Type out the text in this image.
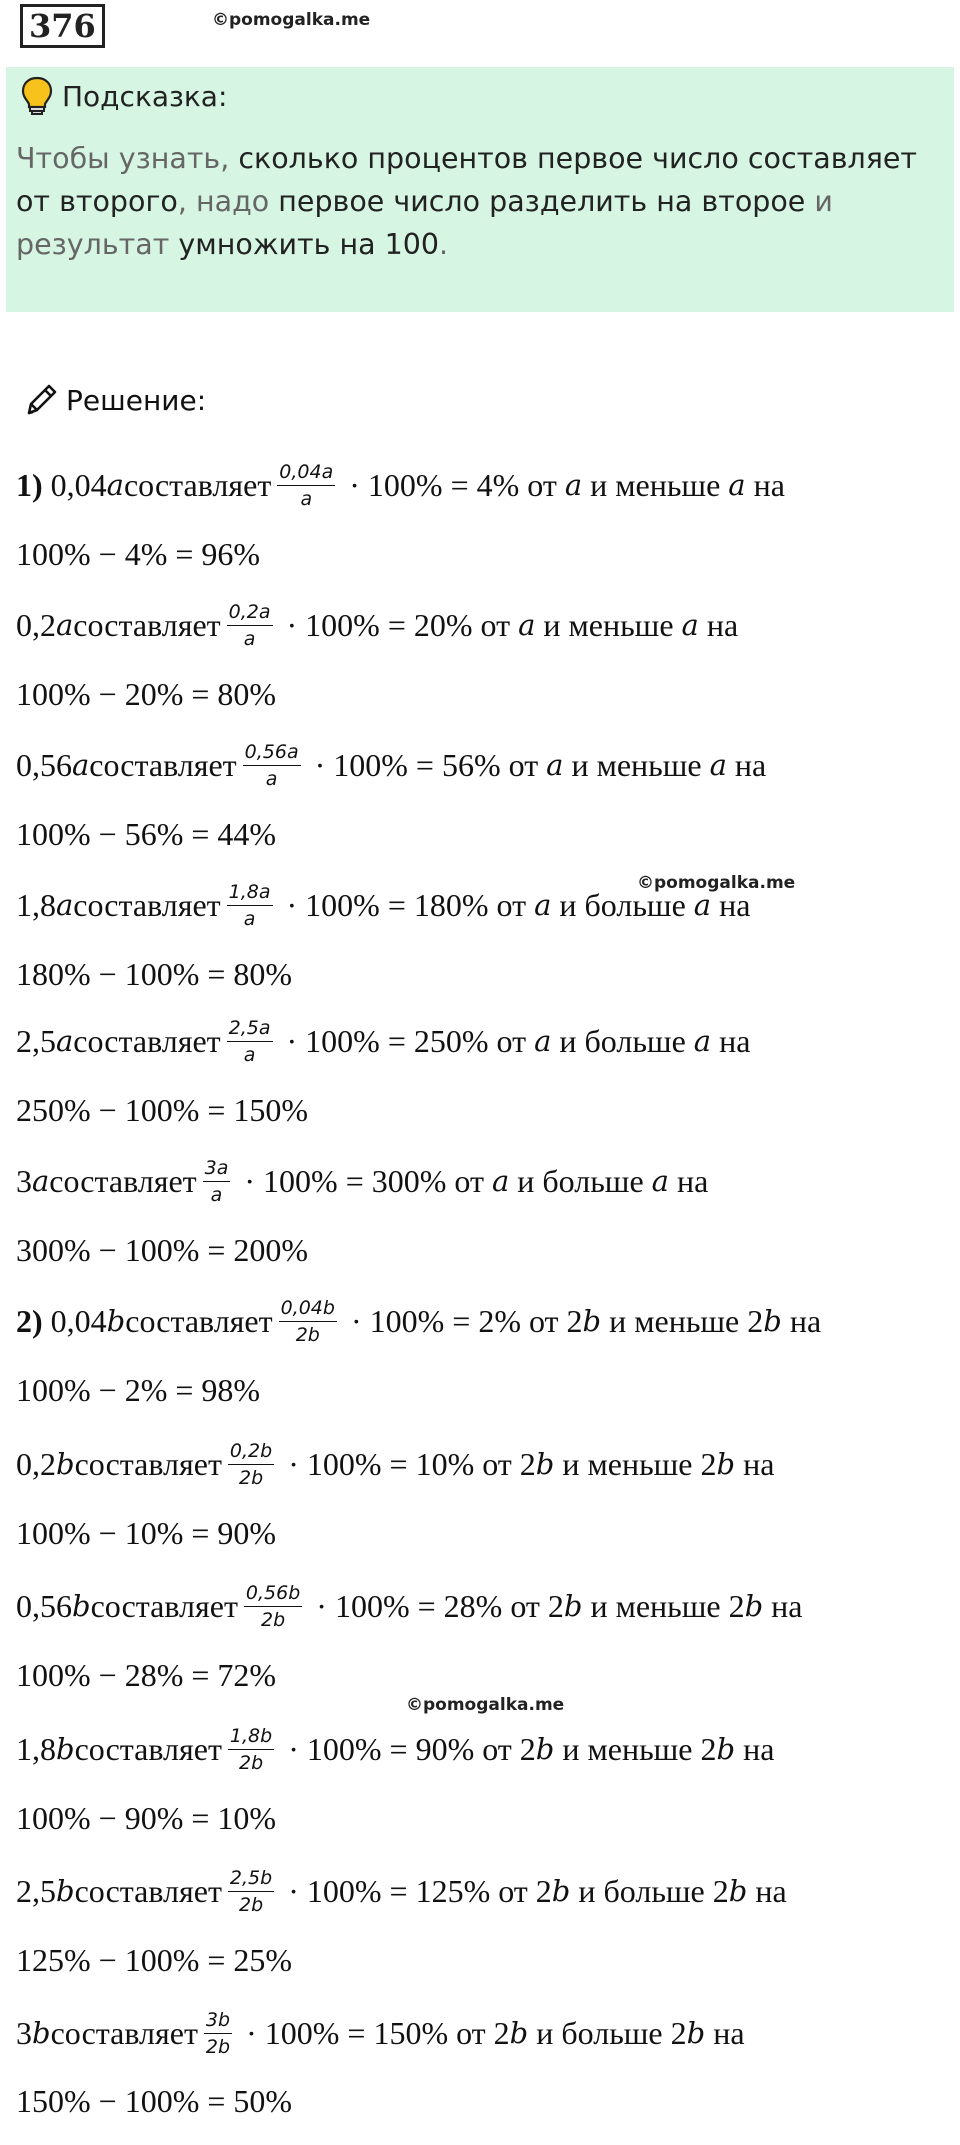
376	©pomogalka.me
Подсказка:
Чтобы узнать, сколько процентов первое число составляет от второго, надо первое число разделить на второе и результат умножить на 100.
Решение:
1) 0,04 a составляет $\frac{0,04a}{a} \cdot 100\% = 4\%$ от a и меньше a на
100% − 4% = 96%
0,2 a составляет $\frac{0,2a}{a} \cdot 100\% = 20\%$ от a и меньше a на
100% − 20% = 80%
0,56 a составляет $\frac{0,56a}{a} \cdot 100\% = 56\%$ от a и меньше a на
100% − 56% = 44%
1,8 a составляет $\frac{1,8a}{a} \cdot 100\% = 180\%$ от a и больше a на
180% − 100% = 80%
2,5 a составляет $\frac{2,5a}{a} \cdot 100\% = 250\%$ от a и больше a на
250% − 100% = 150%
3 a составляет $\frac{3a}{a} \cdot 100\% = 300\%$ от a и больше a на
300% − 100% = 200%
2) 0,04 b составляет $\frac{0,04b}{2b} \cdot 100\% = 2\%$ от 2 b и меньше 2 b на
100% − 2% = 98%
0,2 b составляет $\frac{0,2b}{2b} \cdot 100\% = 10\%$ от 2 b и меньше 2 b на
100% − 10% = 90%
0,56 b составляет $\frac{0,56b}{2b} \cdot 100\% = 28\%$ от 2 b и меньше 2 b на
100% − 28% = 72%
1,8 b составляет $\frac{1,8b}{2b} \cdot 100\% = 90\%$ от 2 b и меньше 2 b на
100% − 90% = 10%
2,5 b составляет $\frac{2,5b}{2b} \cdot 100\% = 125\%$ от 2 b и больше 2 b на
125% − 100% = 25%
3 b составляет $\frac{3b}{2b} \cdot 100\% = 150\%$ от 2 b и больше 2 b на
150% − 100% = 50%
©pomogalka.me
©pomogalka.me
